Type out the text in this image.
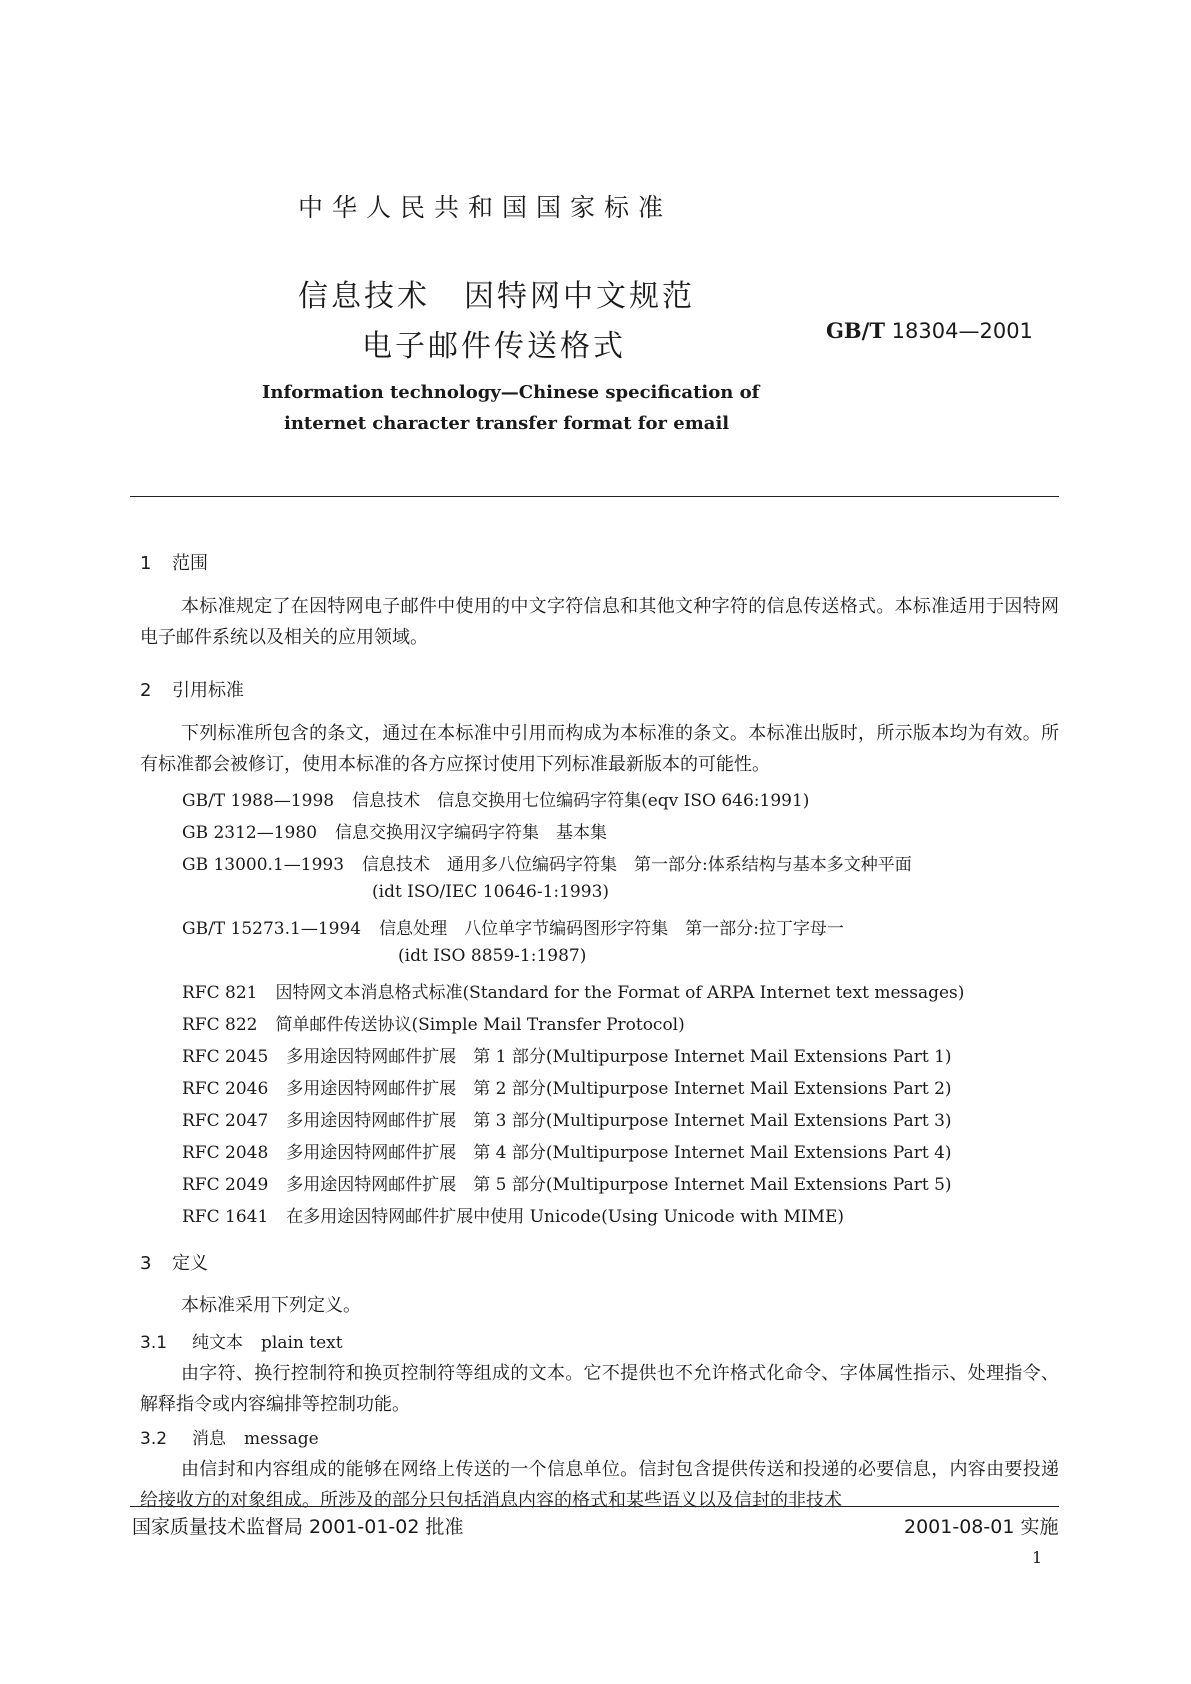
中华人民共和国国家标准
信息技术 因特网中文规范
电子邮件传送格式	GB/T 18304—2001
Information technology—Chinese specification of
internet character transfer format for email
1 范围
本标准规定了在因特网电子邮件中使用的中文字符信息和其他文种字符的信息传送格式。本标准适用于因特网电子邮件系统以及相关的应用领域。
2 引用标准
下列标准所包含的条文，通过在本标准中引用而构成为本标准的条文。本标准出版时，所示版本均为有效。所有标准都会被修订，使用本标准的各方应探讨使用下列标准最新版本的可能性。
GB/T 1988—1998 信息技术　信息交换用七位编码字符集(eqv ISO 646:1991)
GB 2312—1980 信息交换用汉字编码字符集　基本集
GB 13000.1—1993 信息技术　通用多八位编码字符集　第一部分:体系结构与基本多文种平面
(idt ISO/IEC 10646-1:1993)
GB/T 15273.1—1994 信息处理　八位单字节编码图形字符集　第一部分:拉丁字母一
(idt ISO 8859-1:1987)
RFC 821 因特网文本消息格式标准(Standard for the Format of ARPA Internet text messages)
RFC 822 简单邮件传送协议(Simple Mail Transfer Protocol)
RFC 2045 多用途因特网邮件扩展　第 1 部分(Multipurpose Internet Mail Extensions Part 1)
RFC 2046 多用途因特网邮件扩展　第 2 部分(Multipurpose Internet Mail Extensions Part 2)
RFC 2047 多用途因特网邮件扩展　第 3 部分(Multipurpose Internet Mail Extensions Part 3)
RFC 2048 多用途因特网邮件扩展　第 4 部分(Multipurpose Internet Mail Extensions Part 4)
RFC 2049 多用途因特网邮件扩展　第 5 部分(Multipurpose Internet Mail Extensions Part 5)
RFC 1641 在多用途因特网邮件扩展中使用 Unicode(Using Unicode with MIME)
3 定义
本标准采用下列定义。
3.1 纯文本 plain text
由字符、换行控制符和换页控制符等组成的文本。它不提供也不允许格式化命令、字体属性指示、处理指令、解释指令或内容编排等控制功能。
3.2 消息 message
由信封和内容组成的能够在网络上传送的一个信息单位。信封包含提供传送和投递的必要信息，内容由要投递给接收方的对象组成。所涉及的部分只包括消息内容的格式和某些语义以及信封的非技术
国家质量技术监督局 2001-01-02 批准	2001-08-01 实施
1
